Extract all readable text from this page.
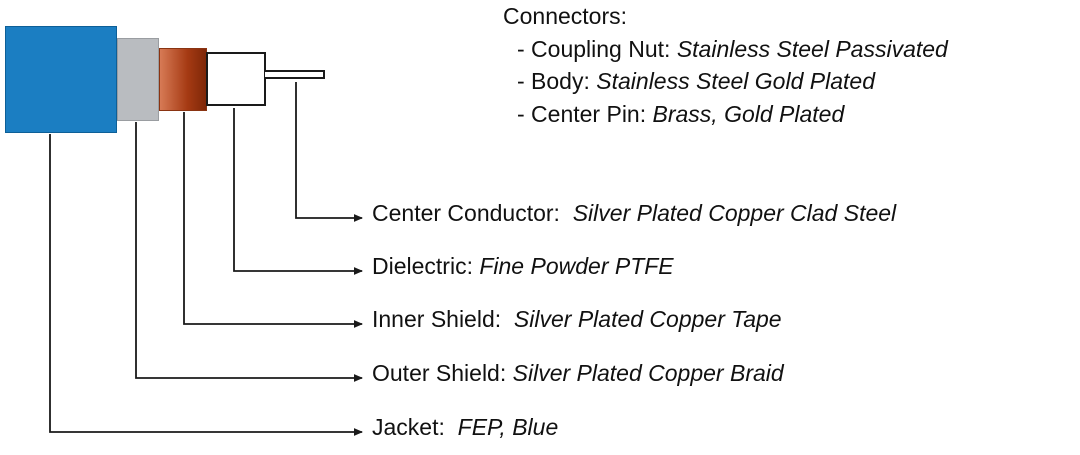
Connectors:
- Coupling Nut: Stainless Steel Passivated
- Body: Stainless Steel Gold Plated
- Center Pin: Brass, Gold Plated
Center Conductor: Silver Plated Copper Clad Steel
Dielectric: Fine Powder PTFE
Inner Shield: Silver Plated Copper Tape
Outer Shield: Silver Plated Copper Braid
Jacket: FEP, Blue
